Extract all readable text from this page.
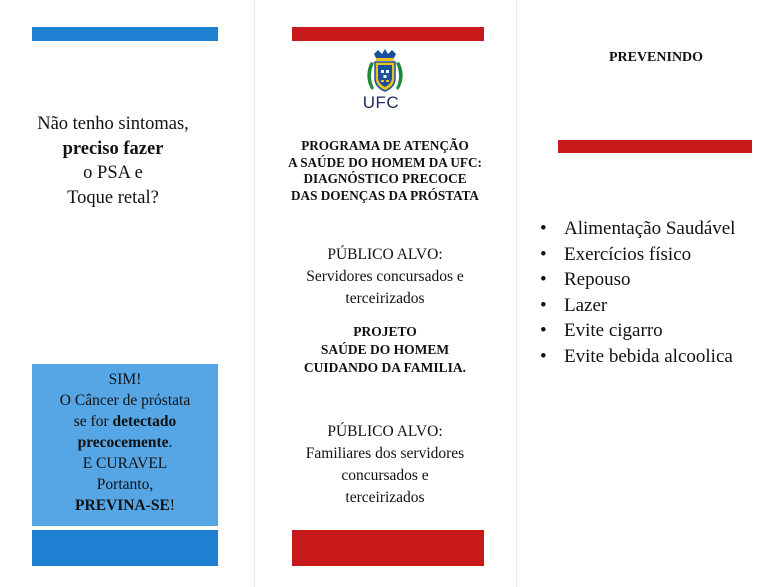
Não tenho sintomas,
preciso fazer
o PSA e
Toque retal?
SIM!
O Câncer de próstata
se for detectado
precocemente.
E CURAVEL
Portanto,
PREVINA-SE!
UFC
PROGRAMA DE ATENÇÃO
A SAÚDE DO HOMEM DA UFC:
DIAGNÓSTICO PRECOCE
DAS DOENÇAS DA PRÓSTATA
PÚBLICO ALVO:
Servidores concursados e
terceirizados
PROJETO
SAÚDE DO HOMEM
CUIDANDO DA FAMILIA.
PÚBLICO ALVO:
Familiares dos servidores
concursados e
terceirizados
PREVENINDO
• Alimentação Saudável
• Exercícios físico
• Repouso
• Lazer
• Evite cigarro
• Evite bebida alcoolica
